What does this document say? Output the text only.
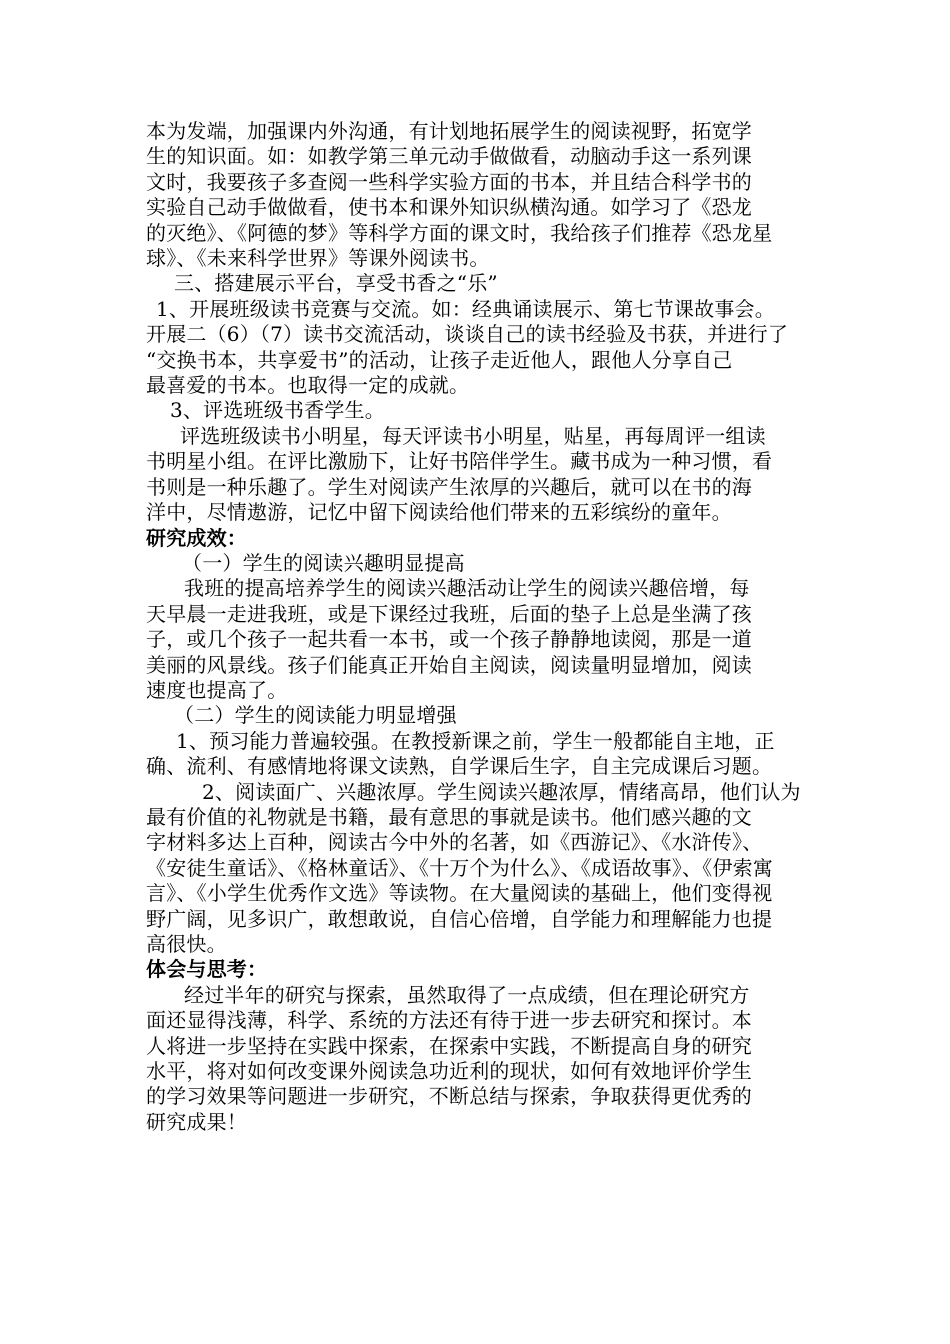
本为发端，加强课内外沟通，有计划地拓展学生的阅读视野，拓宽学
生的知识面。如：如教学第三单元动手做做看，动脑动手这一系列课
文时，我要孩子多查阅一些科学实验方面的书本，并且结合科学书的
实验自己动手做做看，使书本和课外知识纵横沟通。如学习了《恐龙
的灭绝》、《阿德的梦》等科学方面的课文时，我给孩子们推荐《恐龙星
球》、《未来科学世界》等课外阅读书。
三、搭建展示平台，享受书香之“乐”
1、开展班级读书竞赛与交流。如：经典诵读展示、第七节课故事会。
开展二（6）（7）读书交流活动，谈谈自己的读书经验及书获，并进行了
“交换书本，共享爱书”的活动，让孩子走近他人，跟他人分享自己
最喜爱的书本。也取得一定的成就。
3、评选班级书香学生。
评选班级读书小明星，每天评读书小明星，贴星，再每周评一组读
书明星小组。在评比激励下，让好书陪伴学生。藏书成为一种习惯，看
书则是一种乐趣了。学生对阅读产生浓厚的兴趣后，就可以在书的海
洋中，尽情遨游，记忆中留下阅读给他们带来的五彩缤纷的童年。
研究成效：
（一）学生的阅读兴趣明显提高
我班的提高培养学生的阅读兴趣活动让学生的阅读兴趣倍增，每
天早晨一走进我班，或是下课经过我班，后面的垫子上总是坐满了孩
子，或几个孩子一起共看一本书，或一个孩子静静地读阅，那是一道
美丽的风景线。孩子们能真正开始自主阅读，阅读量明显增加，阅读
速度也提高了。
（二）学生的阅读能力明显增强
1、预习能力普遍较强。在教授新课之前，学生一般都能自主地，正
确、流利、有感情地将课文读熟，自学课后生字，自主完成课后习题。
2、阅读面广、兴趣浓厚。学生阅读兴趣浓厚，情绪高昂，他们认为
最有价值的礼物就是书籍，最有意思的事就是读书。他们感兴趣的文
字材料多达上百种，阅读古今中外的名著，如《西游记》、《水浒传》、
《安徒生童话》、《格林童话》、《十万个为什么》、《成语故事》、《伊索寓
言》、《小学生优秀作文选》等读物。在大量阅读的基础上，他们变得视
野广阔，见多识广，敢想敢说，自信心倍增，自学能力和理解能力也提
高很快。
体会与思考：
经过半年的研究与探索，虽然取得了一点成绩，但在理论研究方
面还显得浅薄，科学、系统的方法还有待于进一步去研究和探讨。本
人将进一步坚持在实践中探索，在探索中实践，不断提高自身的研究
水平，将对如何改变课外阅读急功近利的现状，如何有效地评价学生
的学习效果等问题进一步研究，不断总结与探索，争取获得更优秀的
研究成果！
